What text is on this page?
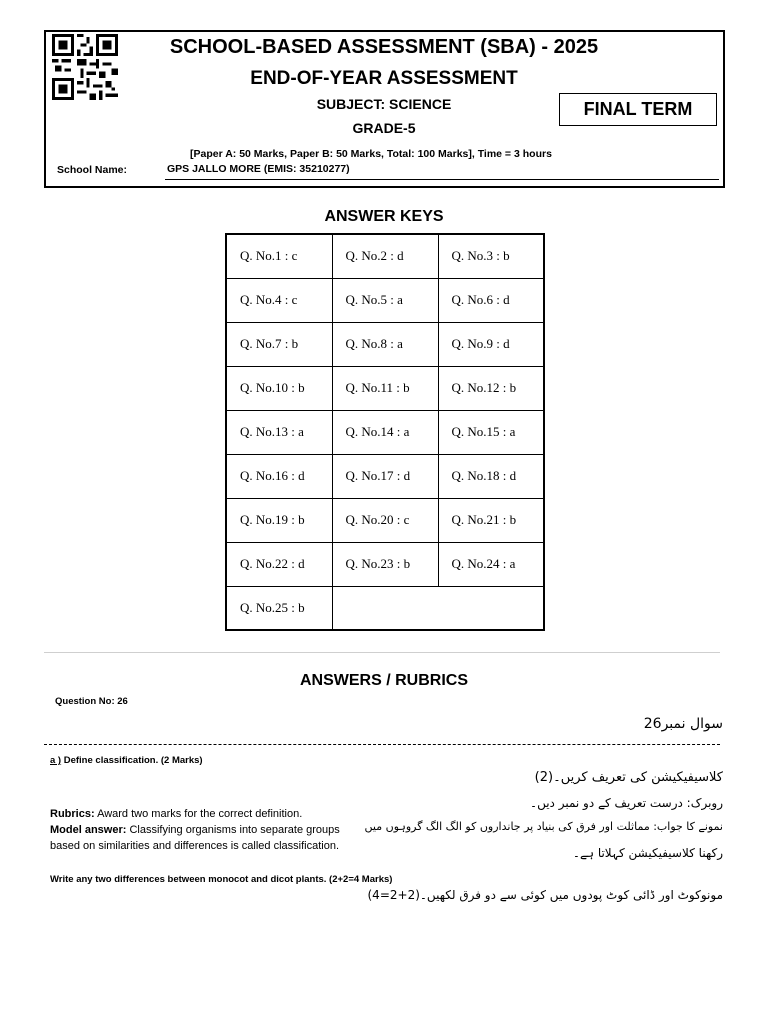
SCHOOL-BASED ASSESSMENT (SBA) - 2025
END-OF-YEAR ASSESSMENT
SUBJECT: SCIENCE
GRADE-5
FINAL TERM
[Paper A: 50 Marks, Paper B: 50 Marks, Total: 100 Marks], Time = 3 hours
School Name:	GPS JALLO MORE (EMIS: 35210277)
ANSWER KEYS
Q. No.1 : c	Q. No.2 : d	Q. No.3 : b
Q. No.4 : c	Q. No.5 : a	Q. No.6 : d
Q. No.7 : b	Q. No.8 : a	Q. No.9 : d
Q. No.10 : b	Q. No.11 : b	Q. No.12 : b
Q. No.13 : a	Q. No.14 : a	Q. No.15 : a
Q. No.16 : d	Q. No.17 : d	Q. No.18 : d
Q. No.19 : b	Q. No.20 : c	Q. No.21 : b
Q. No.22 : d	Q. No.23 : b	Q. No.24 : a
Q. No.25 : b		
ANSWERS / RUBRICS
Question No: 26
سوال نمبر26
a ) Define classification. (2 Marks)
کلاسیفیکیشن کی تعریف کریں۔(2)
Rubrics: Award two marks for the correct definition.
Model answer: Classifying organisms into separate groups based on similarities and differences is called classification.
روبرک: درست تعریف کے دو نمبر دیں۔
نمونے کا جواب: مماثلت اور فرق کی بنیاد پر جانداروں کو الگ الگ گروہوں میں
رکھنا کلاسیفیکیشن کہلاتا ہے۔
Write any two differences between monocot and dicot plants. (2+2=4 Marks)
مونوکوٹ اور ڈائی کوٹ پودوں میں کوئی سے دو فرق لکھیں۔(2+2=4)
